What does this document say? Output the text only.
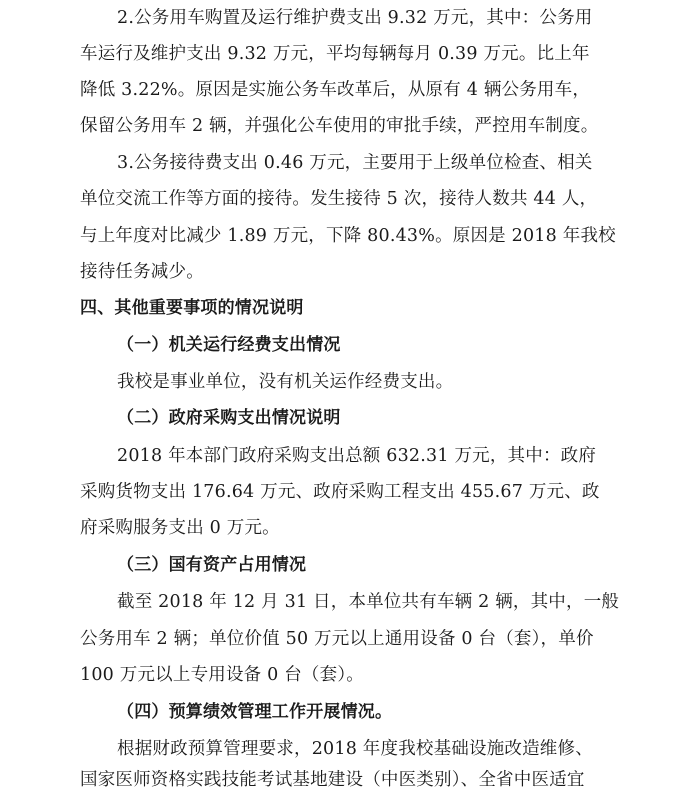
2.公务用车购置及运行维护费支出 9.32 万元，其中：公务用
车运行及维护支出 9.32 万元，平均每辆每月 0.39 万元。比上年
降低 3.22%。原因是实施公务车改革后，从原有 4 辆公务用车，
保留公务用车 2 辆，并强化公车使用的审批手续，严控用车制度。
3.公务接待费支出 0.46 万元，主要用于上级单位检查、相关
单位交流工作等方面的接待。发生接待 5 次，接待人数共 44 人，
与上年度对比减少 1.89 万元，下降 80.43%。原因是 2018 年我校
接待任务减少。
四、其他重要事项的情况说明
（一）机关运行经费支出情况
我校是事业单位，没有机关运作经费支出。
（二）政府采购支出情况说明
2018 年本部门政府采购支出总额 632.31 万元，其中：政府
采购货物支出 176.64 万元、政府采购工程支出 455.67 万元、政
府采购服务支出 0 万元。
（三）国有资产占用情况
截至 2018 年 12 月 31 日，本单位共有车辆 2 辆，其中，一般
公务用车 2 辆；单位价值 50 万元以上通用设备 0 台（套），单价
100 万元以上专用设备 0 台（套）。
（四）预算绩效管理工作开展情况。
根据财政预算管理要求，2018 年度我校基础设施改造维修、
国家医师资格实践技能考试基地建设（中医类别）、全省中医适宜
